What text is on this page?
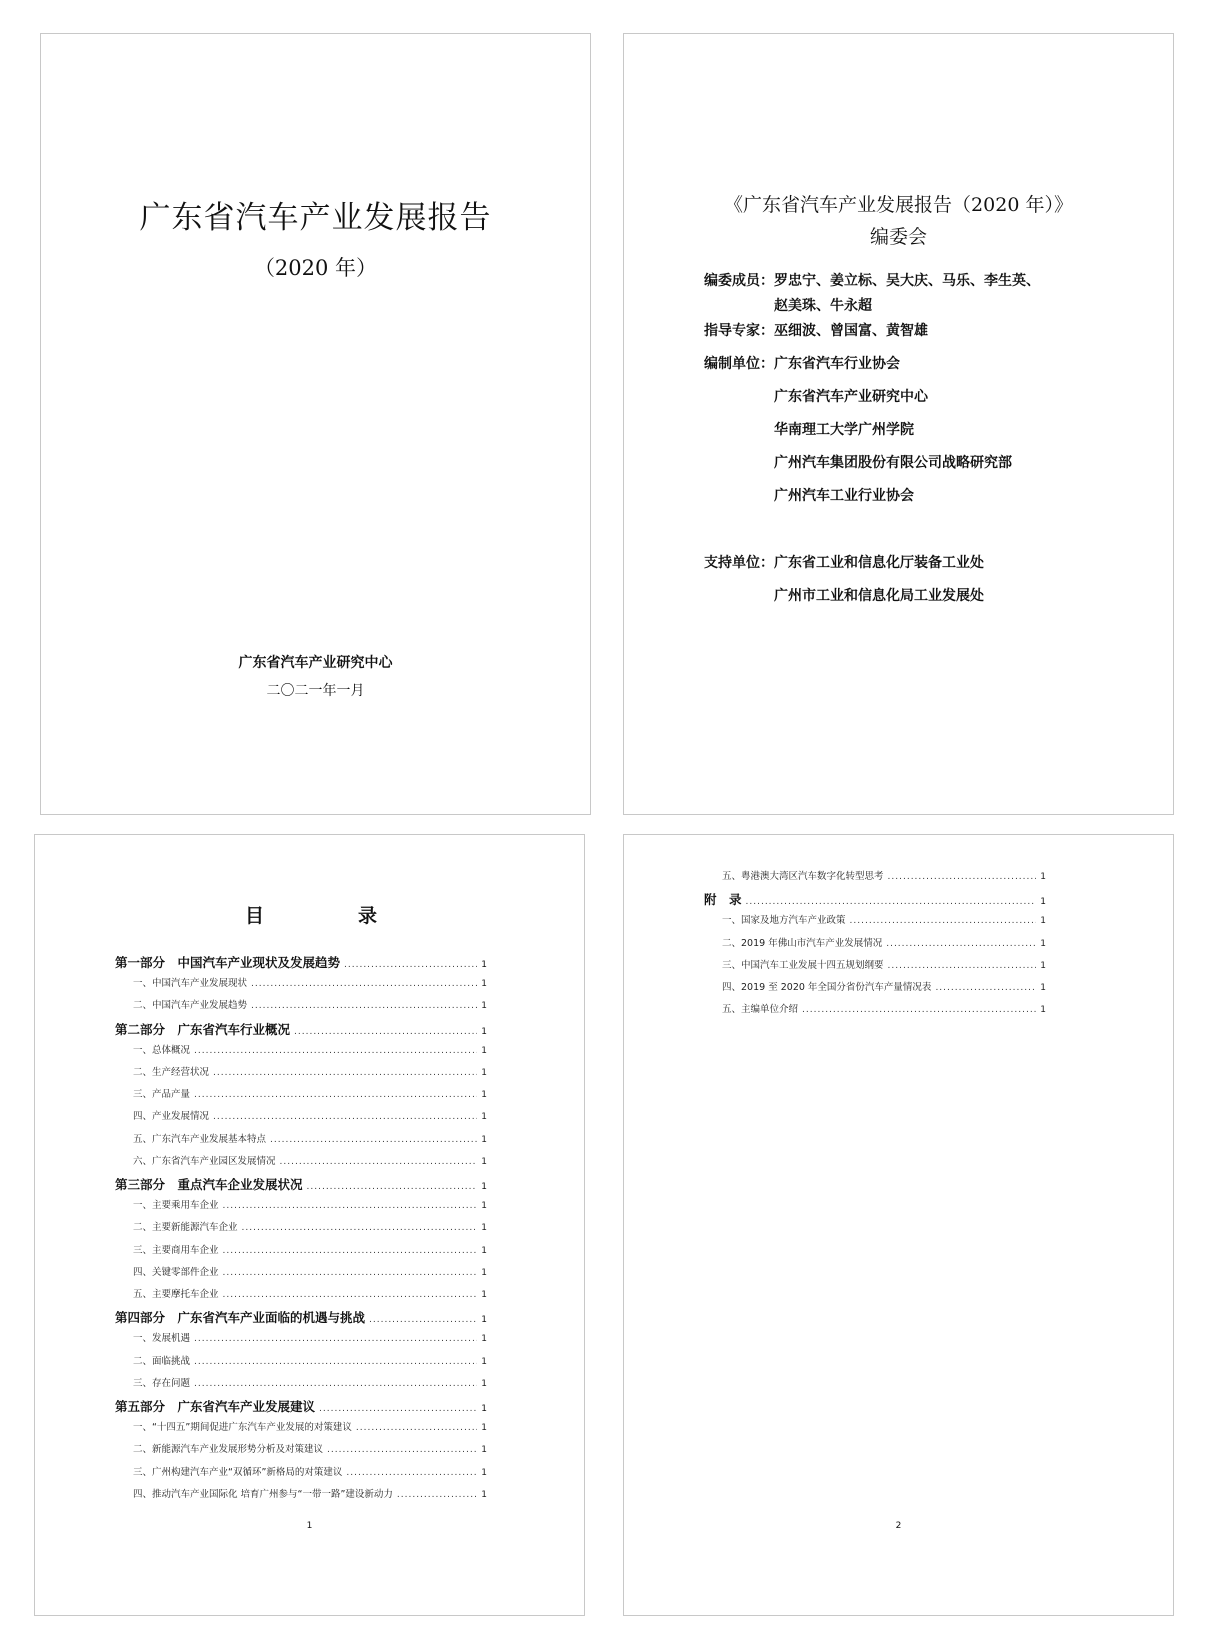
广东省汽车产业发展报告
（2020 年）
广东省汽车产业研究中心
二〇二一年一月
《广东省汽车产业发展报告（2020 年）》
编委会
编委成员： 罗忠宁、姜立标、吴大庆、马乐、李生英、
赵美珠、牛永超
指导专家： 巫细波、曾国富、黄智雄
编制单位： 广东省汽车行业协会
广东省汽车产业研究中心
华南理工大学广州学院
广州汽车集团股份有限公司战略研究部
广州汽车工业行业协会
支持单位： 广东省工业和信息化厅装备工业处
广州市工业和信息化局工业发展处
目	录
第一部分　中国汽车产业现状及发展趋势 .....	1
一、 中国汽车产业发展现状 .....	1
二、 中国汽车产业发展趋势 .....	1
第二部分　广东省汽车行业概况 .....	1
一、 总体概况 .....	1
二、 生产经营状况 .....	1
三、 产品产量 .....	1
四、 产业发展情况 .....	1
五、 广东汽车产业发展基本特点 .....	1
六、 广东省汽车产业园区发展情况 .....	1
第三部分　重点汽车企业发展状况 .....	1
一、 主要乘用车企业 .....	1
二、 主要新能源汽车企业 .....	1
三、 主要商用车企业 .....	1
四、 关键零部件企业 .....	1
五、 主要摩托车企业 .....	1
第四部分　广东省汽车产业面临的机遇与挑战 .....	1
一、 发展机遇 .....	1
二、 面临挑战 .....	1
三、 存在问题 .....	1
第五部分　广东省汽车产业发展建议 .....	1
一、 “十四五”期间促进广东汽车产业发展的对策建议 .....	1
二、 新能源汽车产业发展形势分析及对策建议 .....	1
三、 广州构建汽车产业“双循环”新格局的对策建议 .....	1
四、 推动汽车产业国际化 培育广州参与“一带一路”建设新动力 .....	1
1
五、 粤港澳大湾区汽车数字化转型思考 .....	1
附　录 .....	1
一、 国家及地方汽车产业政策 .....	1
二、 2019 年佛山市汽车产业发展情况 .....	1
三、 中国汽车工业发展十四五规划纲要 .....	1
四、 2019 至 2020 年全国分省份汽车产量情况表 .....	1
五、 主编单位介绍 .....	1
2
